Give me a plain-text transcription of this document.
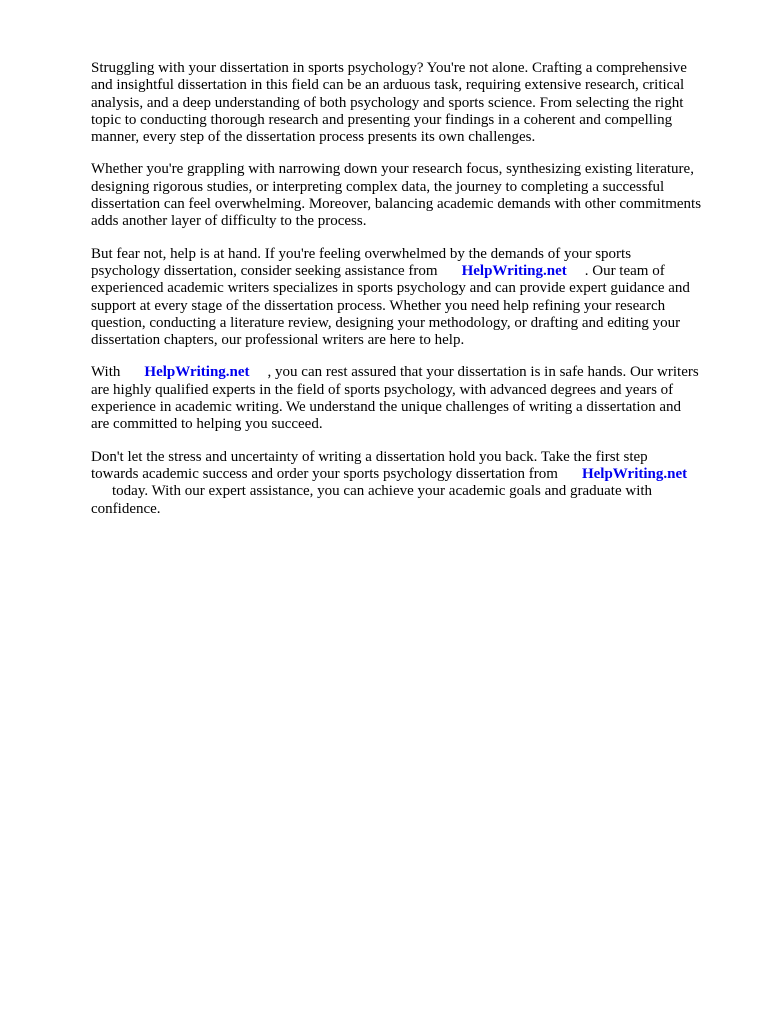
Struggling with your dissertation in sports psychology? You're not alone. Crafting a comprehensive
and insightful dissertation in this field can be an arduous task, requiring extensive research, critical
analysis, and a deep understanding of both psychology and sports science. From selecting the right
topic to conducting thorough research and presenting your findings in a coherent and compelling
manner, every step of the dissertation process presents its own challenges.
Whether you're grappling with narrowing down your research focus, synthesizing existing literature,
designing rigorous studies, or interpreting complex data, the journey to completing a successful
dissertation can feel overwhelming. Moreover, balancing academic demands with other commitments
adds another layer of difficulty to the process.
But fear not, help is at hand. If you're feeling overwhelmed by the demands of your sports
psychology dissertation, consider seeking assistance from HelpWriting.net . Our team of
experienced academic writers specializes in sports psychology and can provide expert guidance and
support at every stage of the dissertation process. Whether you need help refining your research
question, conducting a literature review, designing your methodology, or drafting and editing your
dissertation chapters, our professional writers are here to help.
With HelpWriting.net , you can rest assured that your dissertation is in safe hands. Our writers
are highly qualified experts in the field of sports psychology, with advanced degrees and years of
experience in academic writing. We understand the unique challenges of writing a dissertation and
are committed to helping you succeed.
Don't let the stress and uncertainty of writing a dissertation hold you back. Take the first step
towards academic success and order your sports psychology dissertation from HelpWriting.net
today. With our expert assistance, you can achieve your academic goals and graduate with
confidence.
